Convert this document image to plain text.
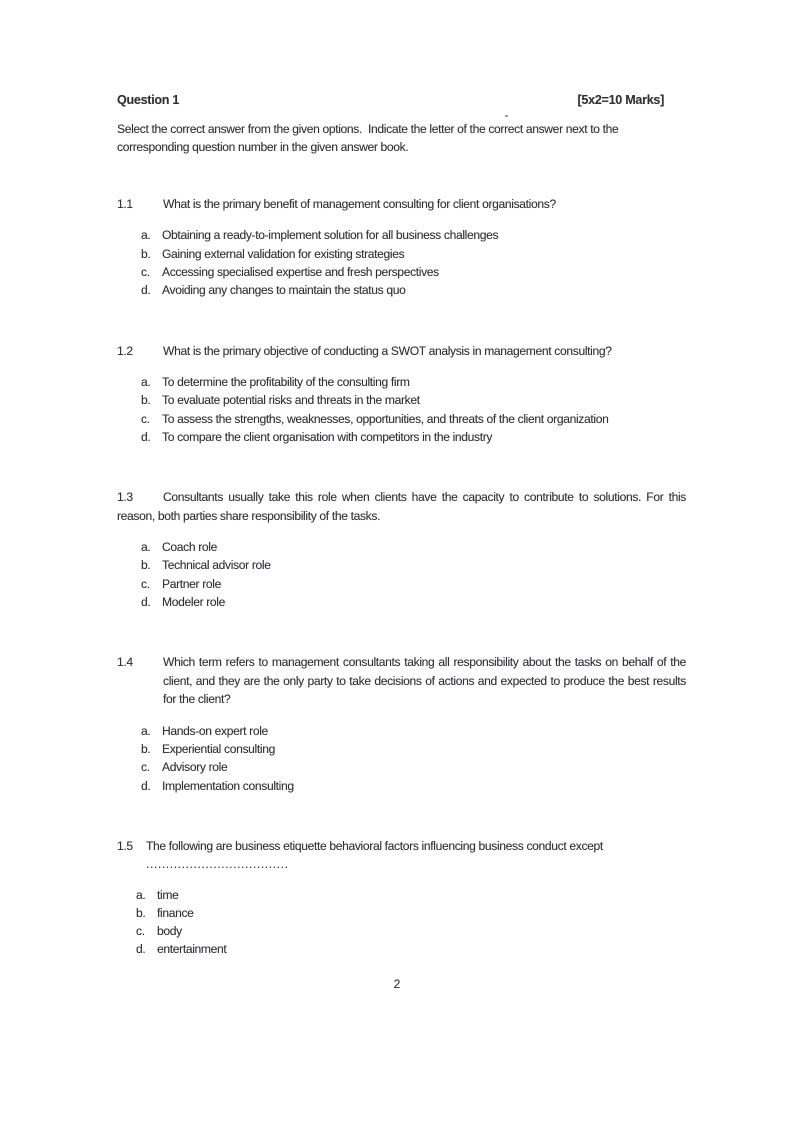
Question 1	[5x2=10 Marks]

Select the correct answer from the given options.  Indicate the letter of the correct answer next to the corresponding question number in the given answer book.

1.1 What is the primary benefit of management consulting for client organisations?

a. Obtaining a ready-to-implement solution for all business challenges
b. Gaining external validation for existing strategies
c. Accessing specialised expertise and fresh perspectives
d. Avoiding any changes to maintain the status quo

1.2 What is the primary objective of conducting a SWOT analysis in management consulting?

a. To determine the profitability of the consulting firm
b. To evaluate potential risks and threats in the market
c. To assess the strengths, weaknesses, opportunities, and threats of the client organization
d. To compare the client organisation with competitors in the industry

1.3 Consultants usually take this role when clients have the capacity to contribute to solutions. For this reason, both parties share responsibility of the tasks.

a. Coach role
b. Technical advisor role
c. Partner role
d. Modeler role

1.4 Which term refers to management consultants taking all responsibility about the tasks on behalf of the client, and they are the only party to take decisions of actions and expected to produce the best results for the client?

a. Hands-on expert role
b. Experiential consulting
c. Advisory role
d. Implementation consulting

1.5 The following are business etiquette behavioral factors influencing business conduct except
....................................

a. time
b. finance
c. body
d. entertainment
2
